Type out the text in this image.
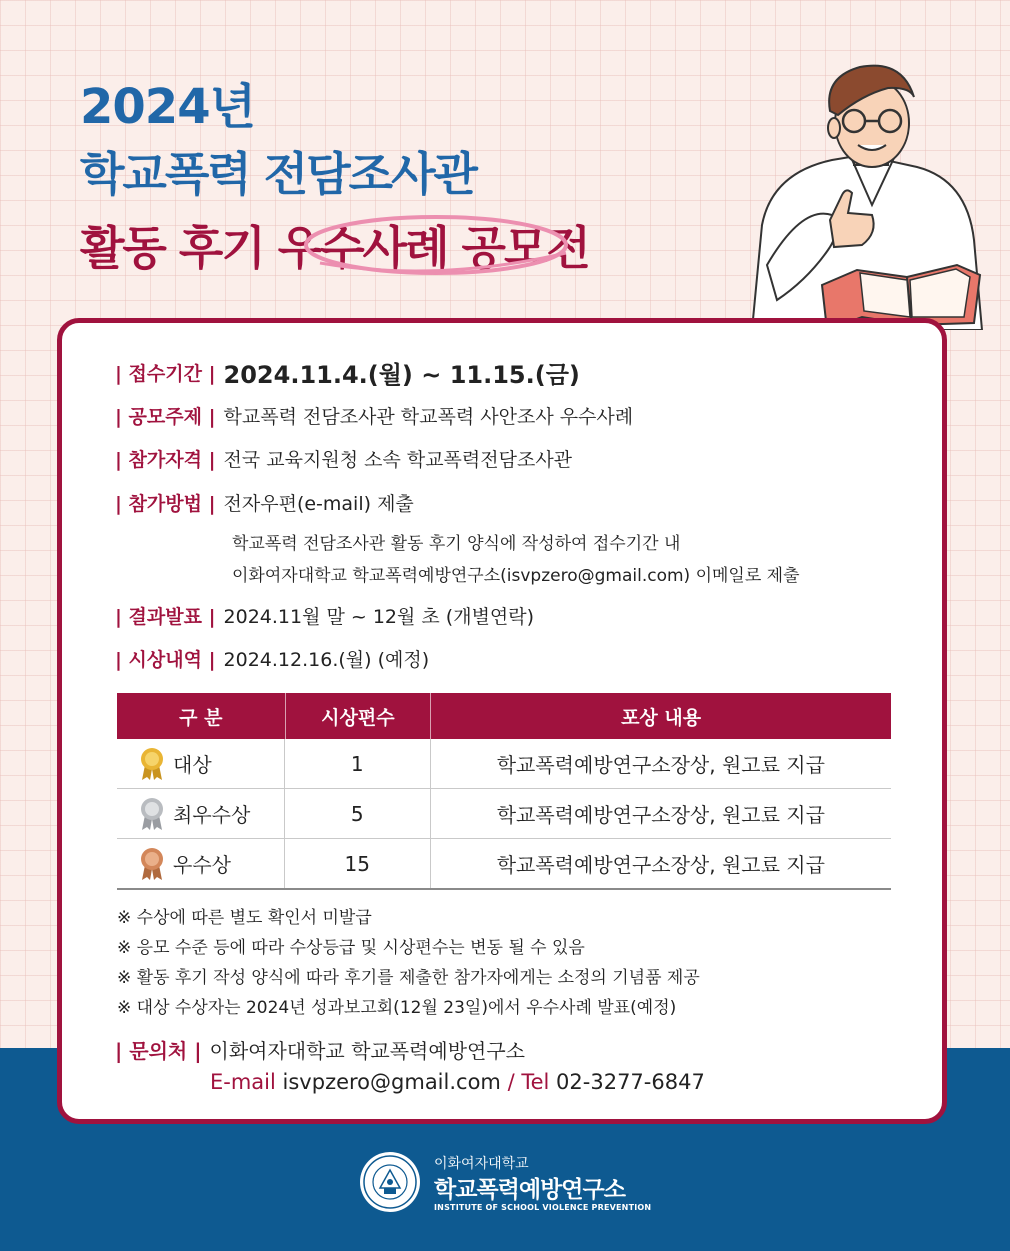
2024년
학교폭력 전담조사관
활동 후기 우수사례 공모전
| 접수기간 | 2024.11.4.(월) ~ 11.15.(금)
| 공모주제 | 학교폭력 전담조사관 학교폭력 사안조사 우수사례
| 참가자격 | 전국 교육지원청 소속 학교폭력전담조사관
| 참가방법 | 전자우편(e-mail) 제출
학교폭력 전담조사관 활동 후기 양식에 작성하여 접수기간 내
이화여자대학교 학교폭력예방연구소(isvpzero@gmail.com) 이메일로 제출
| 결과발표 | 2024.11월 말 ~ 12월 초 (개별연락)
| 시상내역 | 2024.12.16.(월) (예정)
구 분	시상편수	포상 내용
대상	1	학교폭력예방연구소장상, 원고료 지급
최우수상	5	학교폭력예방연구소장상, 원고료 지급
우수상	15	학교폭력예방연구소장상, 원고료 지급
※ 수상에 따른 별도 확인서 미발급
※ 응모 수준 등에 따라 수상등급 및 시상편수는 변동 될 수 있음
※ 활동 후기 작성 양식에 따라 후기를 제출한 참가자에게는 소정의 기념품 제공
※ 대상 수상자는 2024년 성과보고회(12월 23일)에서 우수사례 발표(예정)
| 문의처 | 이화여자대학교 학교폭력예방연구소
E-mail isvpzero@gmail.com / Tel 02-3277-6847
이화여자대학교
학교폭력예방연구소
INSTITUTE OF SCHOOL VIOLENCE PREVENTION
